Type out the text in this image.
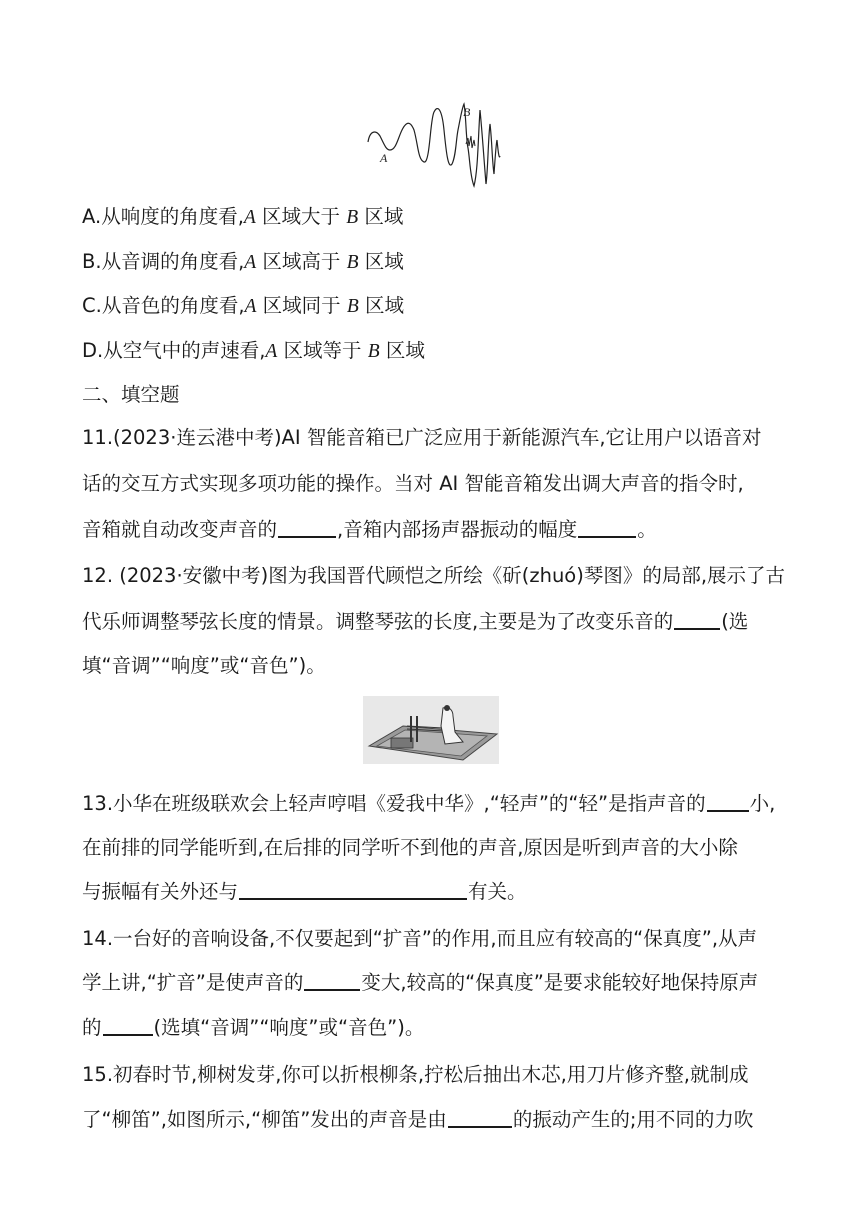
A
B
A.从响度的角度看,A 区域大于 B 区域
B.从音调的角度看,A 区域高于 B 区域
C.从音色的角度看,A 区域同于 B 区域
D.从空气中的声速看,A 区域等于 B 区域
二、填空题
11.(2023·连云港中考)AI 智能音箱已广泛应用于新能源汽车,它让用户以语音对
话的交互方式实现多项功能的操作。当对 AI 智能音箱发出调大声音的指令时,
音箱就自动改变声音的	,音箱内部扬声器振动的幅度	。
12. (2023·安徽中考)图为我国晋代顾恺之所绘《斫(zhuó)琴图》的局部,展示了古
代乐师调整琴弦长度的情景。调整琴弦的长度,主要是为了改变乐音的 (选
填“音调”“响度”或“音色”)。
13.小华在班级联欢会上轻声哼唱《爱我中华》,“轻声”的“轻”是指声音的 小,
在前排的同学能听到,在后排的同学听不到他的声音,原因是听到声音的大小除
与振幅有关外还与	有关。
14.一台好的音响设备,不仅要起到“扩音”的作用,而且应有较高的“保真度”,从声
学上讲,“扩音”是使声音的	变大,较高的“保真度”是要求能较好地保持原声
的	(选填“音调”“响度”或“音色”)。
15.初春时节,柳树发芽,你可以折根柳条,拧松后抽出木芯,用刀片修齐整,就制成
了“柳笛”,如图所示,“柳笛”发出的声音是由	的振动产生的;用不同的力吹
